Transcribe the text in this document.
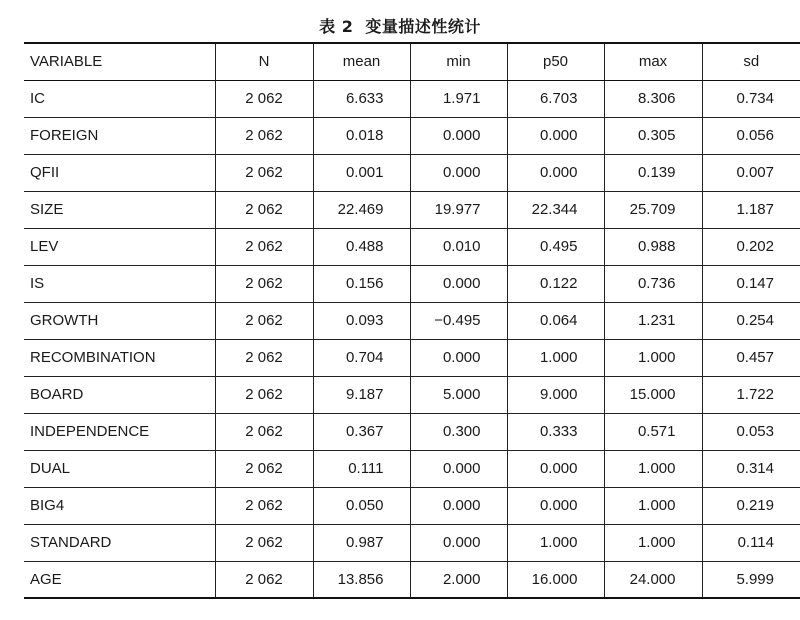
表 2 变量描述性统计
VARIABLE	N	mean	min	p50	max	sd
IC	2 062	6.633	1.971	6.703	8.306	0.734
FOREIGN	2 062	0.018	0.000	0.000	0.305	0.056
QFII	2 062	0.001	0.000	0.000	0.139	0.007
SIZE	2 062	22.469	19.977	22.344	25.709	1.187
LEV	2 062	0.488	0.010	0.495	0.988	0.202
IS	2 062	0.156	0.000	0.122	0.736	0.147
GROWTH	2 062	0.093	−0.495	0.064	1.231	0.254
RECOMBINATION	2 062	0.704	0.000	1.000	1.000	0.457
BOARD	2 062	9.187	5.000	9.000	15.000	1.722
INDEPENDENCE	2 062	0.367	0.300	0.333	0.571	0.053
DUAL	2 062	0.111	0.000	0.000	1.000	0.314
BIG4	2 062	0.050	0.000	0.000	1.000	0.219
STANDARD	2 062	0.987	0.000	1.000	1.000	0.114
AGE	2 062	13.856	2.000	16.000	24.000	5.999
